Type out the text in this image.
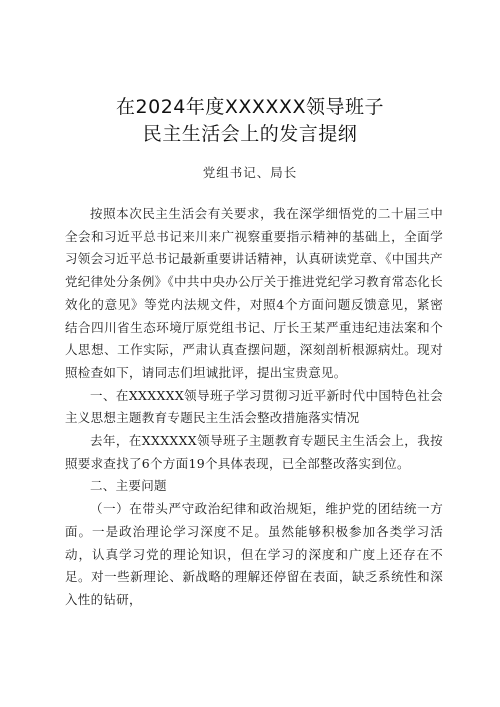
在2024年度XXXXXX领导班子
民主生活会上的发言提纲
党组书记、局长

按照本次民主生活会有关要求，我在深学细悟党的二十届三中全会和习近平总书记来川来广视察重要指示精神的基础上，全面学习领会习近平总书记最新重要讲话精神，认真研读党章、《中国共产党纪律处分条例》《中共中央办公厅关于推进党纪学习教育常态化长效化的意见》等党内法规文件，对照4个方面问题反馈意见，紧密结合四川省生态环境厅原党组书记、厅长王某严重违纪违法案和个人思想、工作实际，严肃认真查摆问题，深刻剖析根源病灶。现对照检查如下，请同志们坦诚批评，提出宝贵意见。

一、在XXXXXX领导班子学习贯彻习近平新时代中国特色社会主义思想主题教育专题民主生活会整改措施落实情况

去年，在XXXXXX领导班子主题教育专题民主生活会上，我按照要求查找了6个方面19个具体表现，已全部整改落实到位。

二、主要问题

（一）在带头严守政治纪律和政治规矩，维护党的团结统一方面。一是政治理论学习深度不足。虽然能够积极参加各类学习活动，认真学习党的理论知识，但在学习的深度和广度上还存在不足。对一些新理论、新战略的理解还停留在表面，缺乏系统性和深入性的钻研，
